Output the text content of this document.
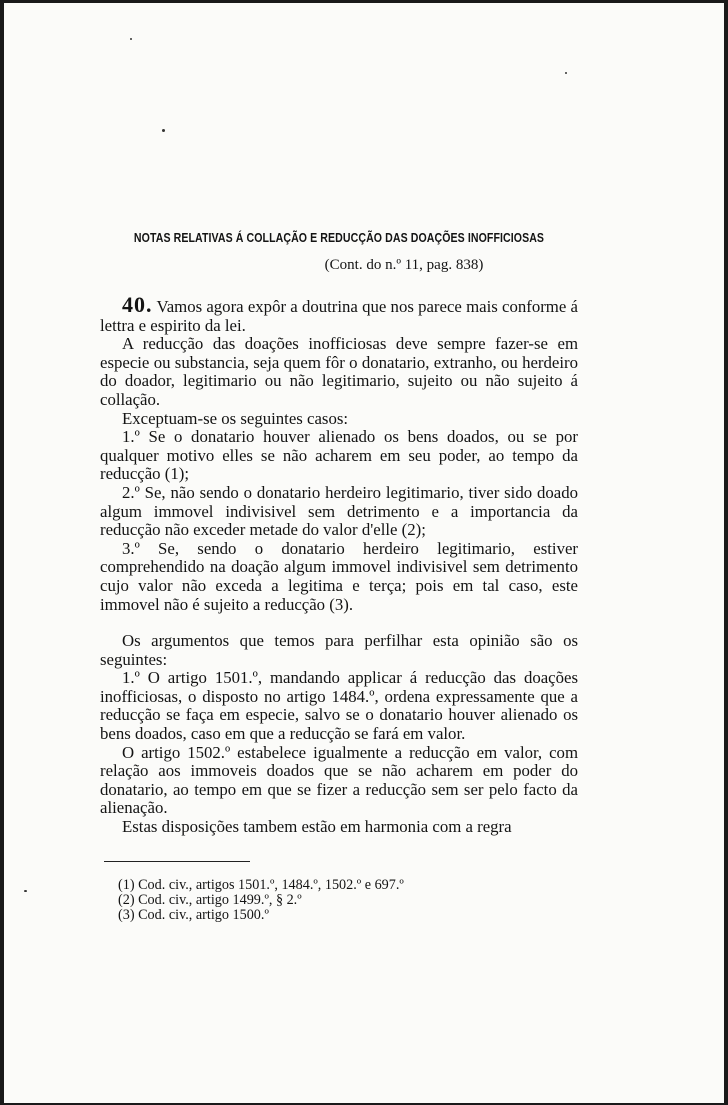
NOTAS RELATIVAS Á COLLAÇÃO E REDUCÇÃO DAS DOAÇÕES INOFFICIOSAS
(Cont. do n.º 11, pag. 838)

40. Vamos agora expôr a doutrina que nos parece mais conforme á lettra e espirito da lei.

A reducção das doações inofficiosas deve sempre fazer-se em especie ou substancia, seja quem fôr o donatario, extranho, ou herdeiro do doador, legitimario ou não legitimario, sujeito ou não sujeito á collação.

Exceptuam-se os seguintes casos:

1.º Se o donatario houver alienado os bens doados, ou se por qualquer motivo elles se não acharem em seu poder, ao tempo da reducção (1);

2.º Se, não sendo o donatario herdeiro legitimario, tiver sido doado algum immovel indivisivel sem detrimento e a importancia da reducção não exceder metade do valor d'elle (2);

3.º Se, sendo o donatario herdeiro legitimario, estiver comprehendido na doação algum immovel indivisivel sem detrimento cujo valor não exceda a legitima e terça; pois em tal caso, este immovel não é sujeito a reducção (3).

Os argumentos que temos para perfilhar esta opinião são os seguintes:

1.º O artigo 1501.º, mandando applicar á reducção das doações inofficiosas, o disposto no artigo 1484.º, ordena expressamente que a reducção se faça em especie, salvo se o donatario houver alienado os bens doados, caso em que a reducção se fará em valor.

O artigo 1502.º estabelece igualmente a reducção em valor, com relação aos immoveis doados que se não acharem em poder do donatario, ao tempo em que se fizer a reducção sem ser pelo facto da alienação.

Estas disposições tambem estão em harmonia com a regra

(1) Cod. civ., artigos 1501.º, 1484.º, 1502.º e 697.º
(2) Cod. civ., artigo 1499.º, § 2.º
(3) Cod. civ., artigo 1500.º
